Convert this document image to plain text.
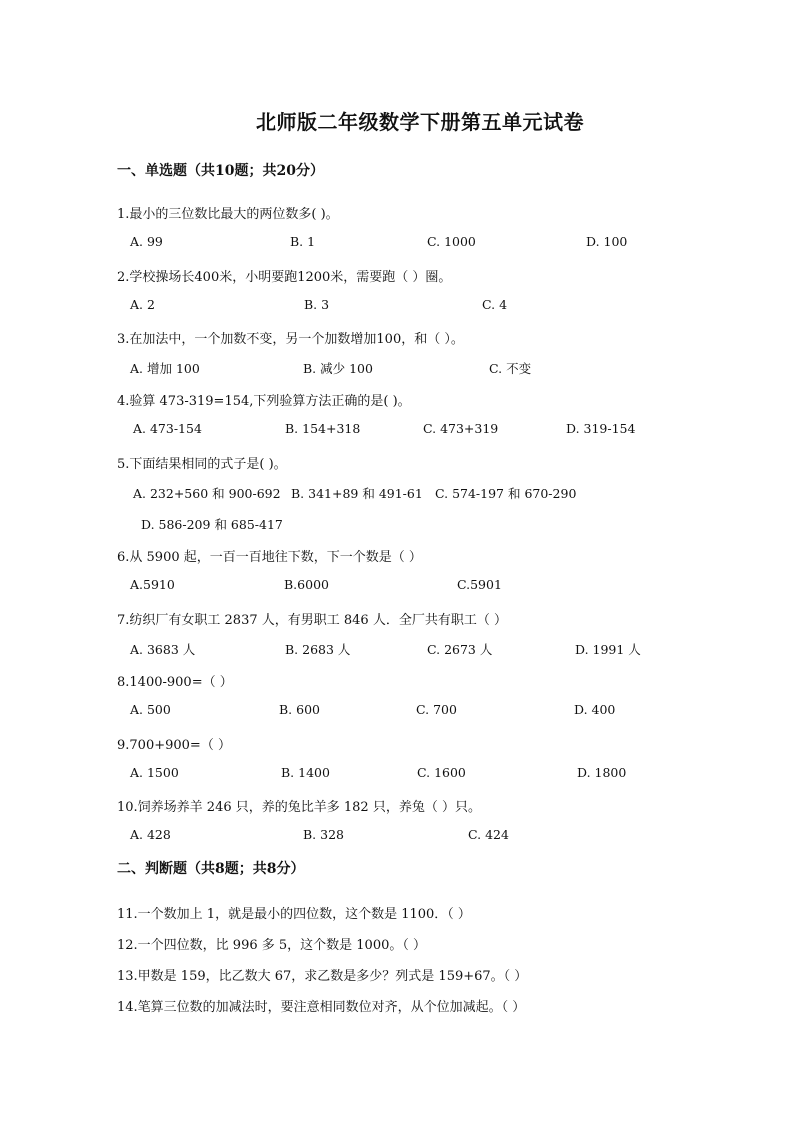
北师版二年级数学下册第五单元试卷
一、单选题（共10题；共20分）
1.最小的三位数比最大的两位数多( )。
A. 99	B. 1	C. 1000	D. 100
2.学校操场长400米，小明要跑1200米，需要跑（ ）圈。
A. 2	B. 3	C. 4
3.在加法中，一个加数不变，另一个加数增加100，和（ ）。
A. 增加 100	B. 减少 100	C. 不变
4.验算 473-319=154,下列验算方法正确的是( )。
A. 473-154	B. 154+318	C. 473+319	D. 319-154
5.下面结果相同的式子是( )。
A. 232+560 和 900-692 B. 341+89 和 491-61 C. 574-197 和 670-290
D. 586-209 和 685-417
6.从 5900 起，一百一百地往下数，下一个数是（ ）
A.5910	B.6000	C.5901
7.纺织厂有女职工 2837 人，有男职工 846 人．全厂共有职工（ ）
A. 3683 人	B. 2683 人	C. 2673 人	D. 1991 人
8.1400-900=（ ）
A. 500	B. 600	C. 700	D. 400
9.700+900=（ ）
A. 1500	B. 1400	C. 1600	D. 1800
10.饲养场养羊 246 只，养的兔比羊多 182 只，养兔（ ）只。
A. 428	B. 328	C. 424
二、判断题（共8题；共8分）
11.一个数加上 1，就是最小的四位数，这个数是 1100．（ ）
12.一个四位数，比 996 多 5，这个数是 1000。（ ）
13.甲数是 159，比乙数大 67，求乙数是多少？列式是 159+67。（ ）
14.笔算三位数的加减法时，要注意相同数位对齐，从个位加减起。（ ）
